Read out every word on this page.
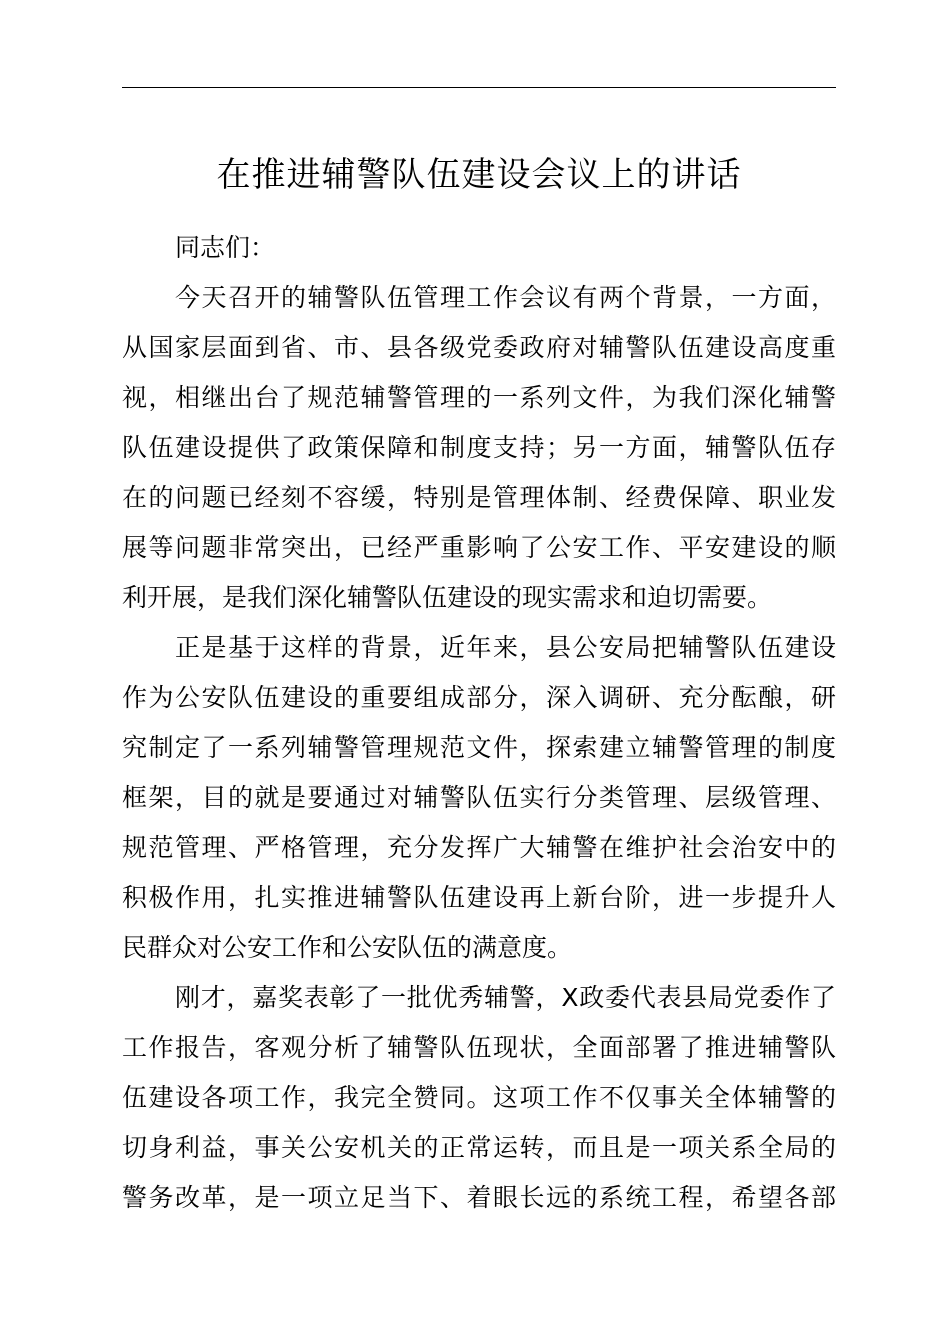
在推进辅警队伍建设会议上的讲话
同志们：
今天召开的辅警队伍管理工作会议有两个背景，一方面，
从国家层面到省、市、县各级党委政府对辅警队伍建设高度重
视，相继出台了规范辅警管理的一系列文件，为我们深化辅警
队伍建设提供了政策保障和制度支持；另一方面，辅警队伍存
在的问题已经刻不容缓，特别是管理体制、经费保障、职业发
展等问题非常突出，已经严重影响了公安工作、平安建设的顺
利开展，是我们深化辅警队伍建设的现实需求和迫切需要。
正是基于这样的背景，近年来，县公安局把辅警队伍建设
作为公安队伍建设的重要组成部分，深入调研、充分酝酿，研
究制定了一系列辅警管理规范文件，探索建立辅警管理的制度
框架，目的就是要通过对辅警队伍实行分类管理、层级管理、
规范管理、严格管理，充分发挥广大辅警在维护社会治安中的
积极作用，扎实推进辅警队伍建设再上新台阶，进一步提升人
民群众对公安工作和公安队伍的满意度。
刚才，嘉奖表彰了一批优秀辅警，X政委代表县局党委作了
工作报告，客观分析了辅警队伍现状，全面部署了推进辅警队
伍建设各项工作，我完全赞同。这项工作不仅事关全体辅警的
切身利益，事关公安机关的正常运转，而且是一项关系全局的
警务改革，是一项立足当下、着眼长远的系统工程，希望各部
